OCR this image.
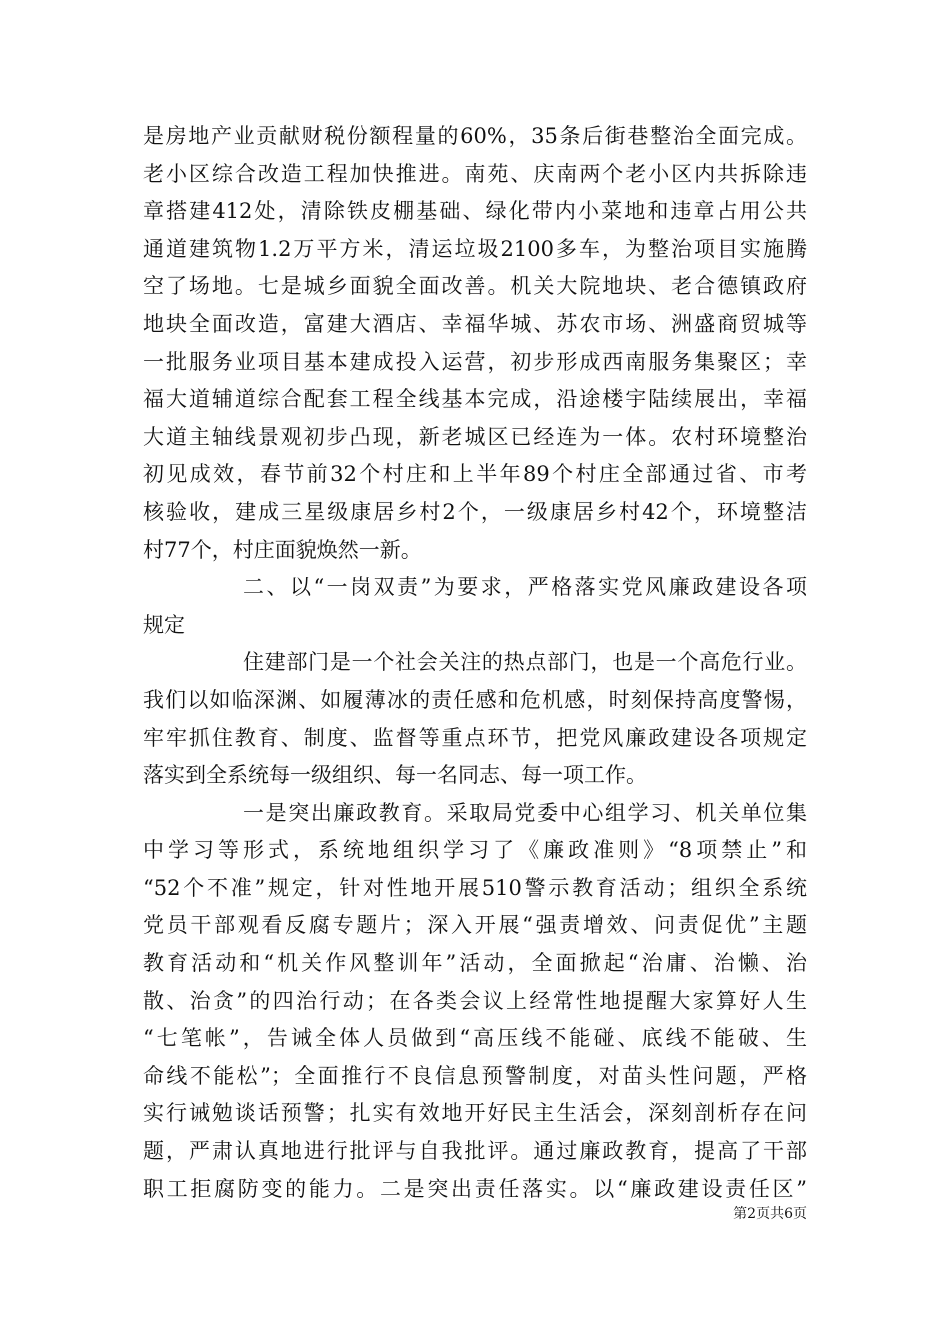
是房地产业贡献财税份额程量的60%，35条后街巷整治全面完成。
老小区综合改造工程加快推进。南苑、庆南两个老小区内共拆除违
章搭建412处，清除铁皮棚基础、绿化带内小菜地和违章占用公共
通道建筑物1.2万平方米，清运垃圾2100多车，为整治项目实施腾
空了场地。七是城乡面貌全面改善。机关大院地块、老合德镇政府
地块全面改造，富建大酒店、幸福华城、苏农市场、洲盛商贸城等
一批服务业项目基本建成投入运营，初步形成西南服务集聚区；幸
福大道辅道综合配套工程全线基本完成，沿途楼宇陆续展出，幸福
大道主轴线景观初步凸现，新老城区已经连为一体。农村环境整治
初见成效，春节前32个村庄和上半年89个村庄全部通过省、市考
核验收，建成三星级康居乡村2个，一级康居乡村42个，环境整洁
村77个，村庄面貌焕然一新。
二、以“一岗双责”为要求，严格落实党风廉政建设各项
规定
住建部门是一个社会关注的热点部门，也是一个高危行业。
我们以如临深渊、如履薄冰的责任感和危机感，时刻保持高度警惕，
牢牢抓住教育、制度、监督等重点环节，把党风廉政建设各项规定
落实到全系统每一级组织、每一名同志、每一项工作。
一是突出廉政教育。采取局党委中心组学习、机关单位集
中学习等形式，系统地组织学习了《廉政准则》“8项禁止”和
“52个不准”规定，针对性地开展510警示教育活动；组织全系统
党员干部观看反腐专题片；深入开展“强责增效、问责促优”主题
教育活动和“机关作风整训年”活动，全面掀起“治庸、治懒、治
散、治贪”的四治行动；在各类会议上经常性地提醒大家算好人生
“七笔帐”，告诫全体人员做到“高压线不能碰、底线不能破、生
命线不能松”；全面推行不良信息预警制度，对苗头性问题，严格
实行诫勉谈话预警；扎实有效地开好民主生活会，深刻剖析存在问
题，严肃认真地进行批评与自我批评。通过廉政教育，提高了干部
职工拒腐防变的能力。二是突出责任落实。以“廉政建设责任区”
第2页共6页
